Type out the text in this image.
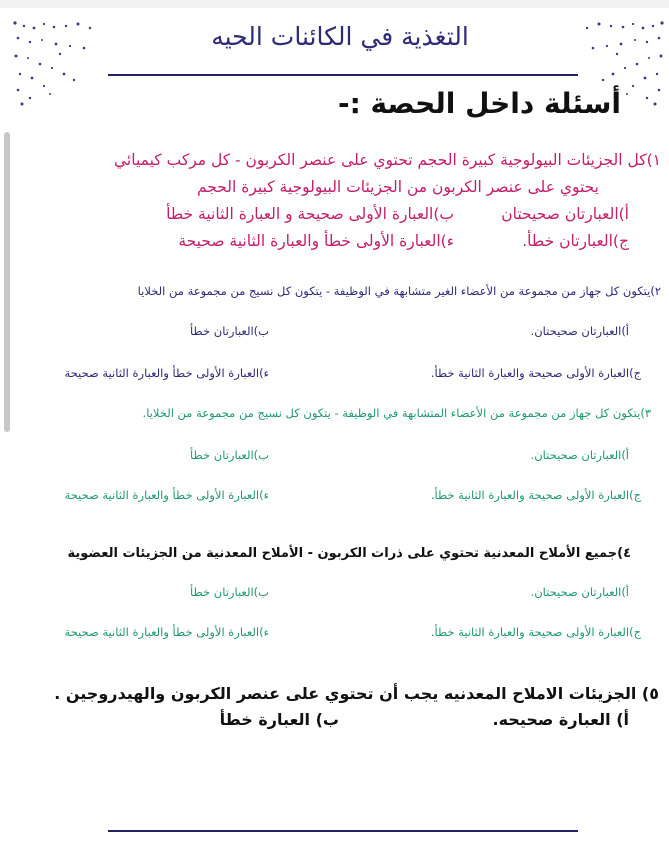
التغذية في الكائنات الحيه
أسئلة داخل الحصة :-
١)كل الجزيئات البيولوجية كبيرة الحجم تحتوي على عنصر الكربون - كل مركب كيميائي
يحتوي على عنصر الكربون من الجزيئات البيولوجية كبيرة الحجم
أ)العبارتان صحيحتان
ب)العبارة الأولى صحيحة و العبارة الثانية خطأ
ج)العبارتان خطأ.
ء)العبارة الأولى خطأ والعبارة الثانية صحيحة
٢)يتكون كل جهاز من مجموعة من الأعضاء الغير متشابهة في الوظيفة - يتكون كل نسيج من مجموعة من الخلايا
أ)العبارتان صحيحتان.
ب)العبارتان خطأ
ج)العبارة الأولى صحيحة والعبارة الثانية خطأ.
ء)العبارة الأولى خطأ والعبارة الثانية صحيحة
٣)يتكون كل جهاز من مجموعة من الأعضاء المتشابهة في الوظيفة - يتكون كل نسيج من مجموعة من الخلايا.
أ)العبارتان صحيحتان.
ب)العبارتان خطأ
ج)العبارة الأولى صحيحة والعبارة الثانية خطأ.
ء)العبارة الأولى خطأ والعبارة الثانية صحيحة
٤)جميع الأملاح المعدنية تحتوي على ذرات الكربون - الأملاح المعدنية من الجزيئات العضوية
أ)العبارتان صحيحتان.
ب)العبارتان خطأ
ج)العبارة الأولى صحيحة والعبارة الثانية خطأ.
ء)العبارة الأولى خطأ والعبارة الثانية صحيحة
٥) الجزيئات الاملاح المعدنيه يجب أن تحتوي على عنصر الكربون والهيدروجين .
أ) العبارة صحيحه.
ب) العبارة خطأ
